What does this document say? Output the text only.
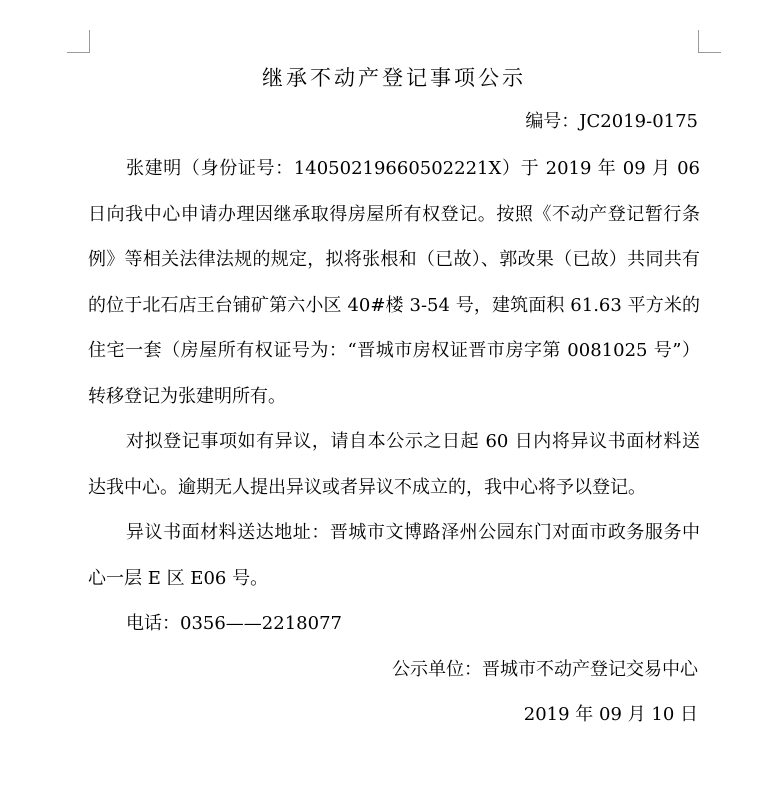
继承不动产登记事项公示

编号：JC2019-0175

张建明（身份证号：14050219660502221X）于 2019 年 09 月 06 日向我中心申请办理因继承取得房屋所有权登记。按照《不动产登记暂行条例》等相关法律法规的规定，拟将张根和（已故）、郭改果（已故）共同共有的位于北石店王台铺矿第六小区 40#楼 3-54 号，建筑面积 61.63 平方米的住宅一套（房屋所有权证号为：“晋城市房权证晋市房字第 0081025 号”）转移登记为张建明所有。

对拟登记事项如有异议，请自本公示之日起 60 日内将异议书面材料送达我中心。逾期无人提出异议或者异议不成立的，我中心将予以登记。

异议书面材料送达地址：晋城市文博路泽州公园东门对面市政务服务中心一层 E 区 E06 号。

电话：0356——2218077

公示单位：晋城市不动产登记交易中心

2019 年 09 月 10 日
